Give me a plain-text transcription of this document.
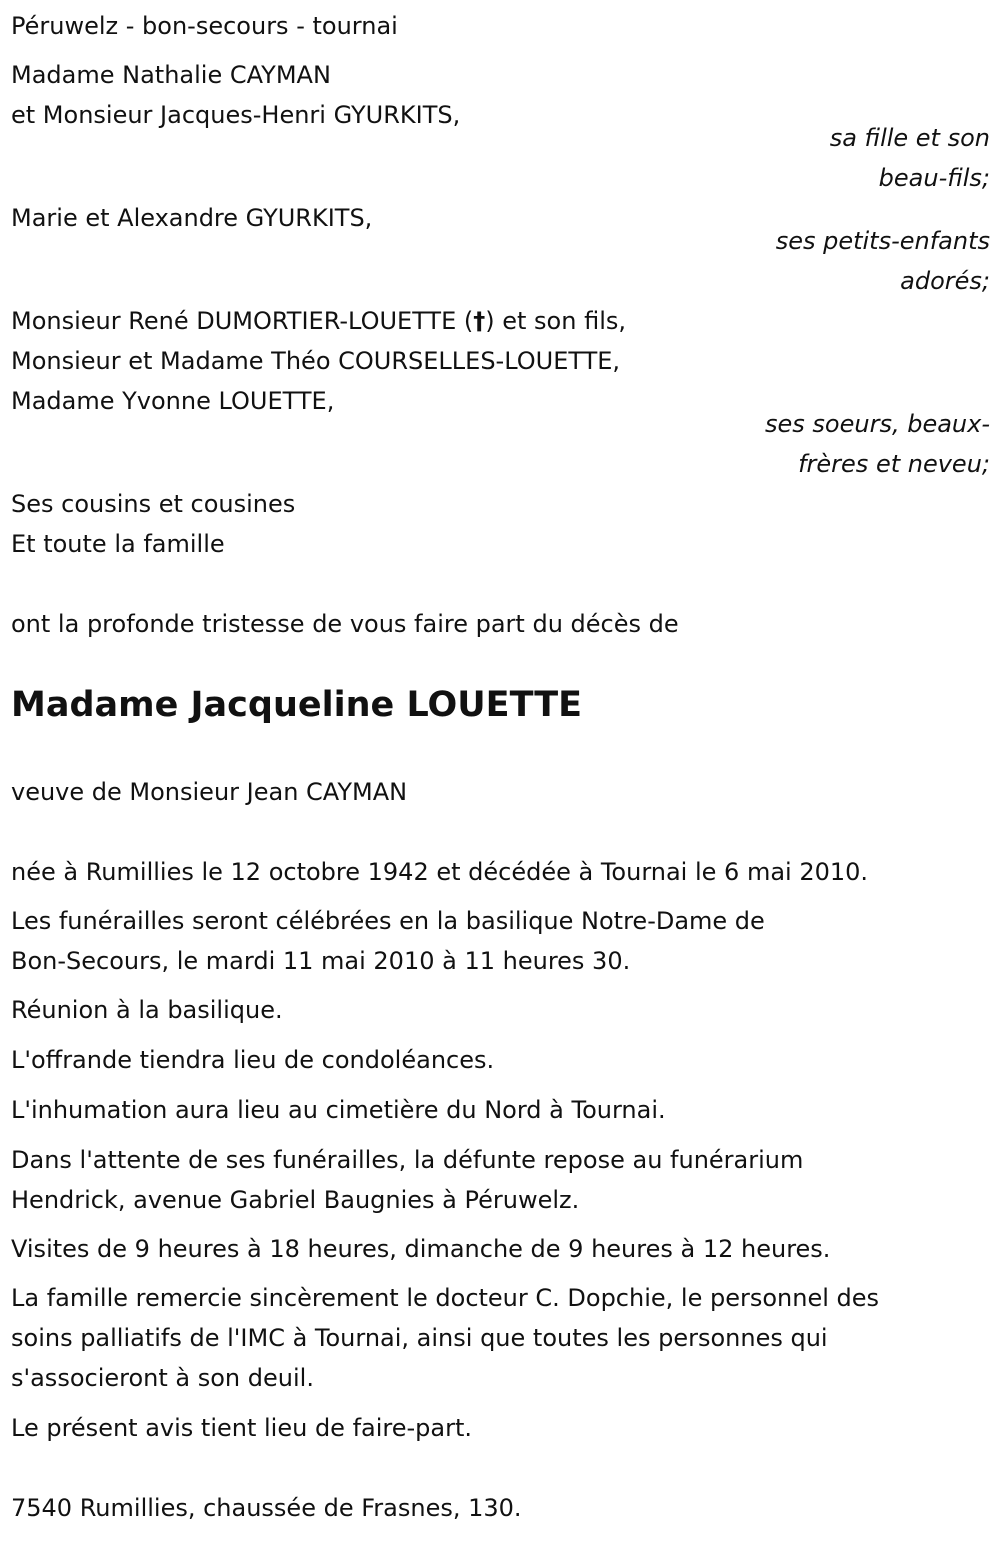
Péruwelz - bon-secours - tournai
Madame Nathalie CAYMAN
et Monsieur Jacques-Henri GYURKITS,
sa fille et son
beau-fils;
Marie et Alexandre GYURKITS,
ses petits-enfants
adorés;
Monsieur René DUMORTIER-LOUETTE (†) et son fils,
Monsieur et Madame Théo COURSELLES-LOUETTE,
Madame Yvonne LOUETTE,
ses soeurs, beaux-
frères et neveu;
Ses cousins et cousines
Et toute la famille
ont la profonde tristesse de vous faire part du décès de
Madame Jacqueline LOUETTE
veuve de Monsieur Jean CAYMAN
née à Rumillies le 12 octobre 1942 et décédée à Tournai le 6 mai 2010.
Les funérailles seront célébrées en la basilique Notre-Dame de
Bon-Secours, le mardi 11 mai 2010 à 11 heures 30.
Réunion à la basilique.
L'offrande tiendra lieu de condoléances.
L'inhumation aura lieu au cimetière du Nord à Tournai.
Dans l'attente de ses funérailles, la défunte repose au funérarium
Hendrick, avenue Gabriel Baugnies à Péruwelz.
Visites de 9 heures à 18 heures, dimanche de 9 heures à 12 heures.
La famille remercie sincèrement le docteur C. Dopchie, le personnel des
soins palliatifs de l'IMC à Tournai, ainsi que toutes les personnes qui
s'associeront à son deuil.
Le présent avis tient lieu de faire-part.
7540 Rumillies, chaussée de Frasnes, 130.
